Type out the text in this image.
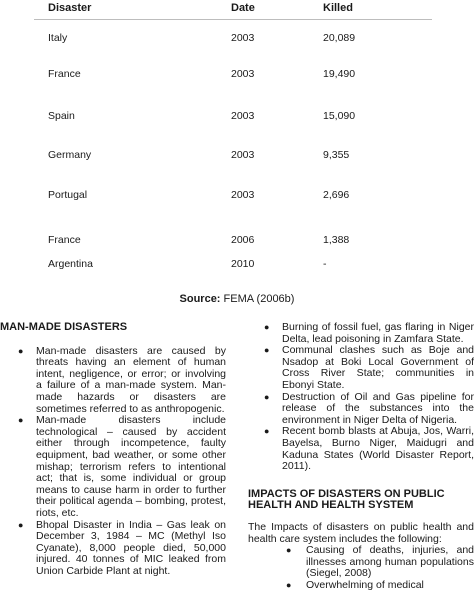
Disaster	Date	Killed
Italy	2003	20,089
France	2003	19,490
Spain	2003	15,090
Germany	2003	9,355
Portugal	2003	2,696
France	2006	1,388
Argentina	2010	-
Source: FEMA (2006b)
MAN-MADE DISASTERS
● Man-made disasters are caused by threats having an element of human intent, negligence, or error; or involving a failure of a man-made system. Man-made hazards or disasters are sometimes referred to as anthropogenic.
● Man-made disasters include technological – caused by accident either through incompetence, faulty equipment, bad weather, or some other mishap; terrorism refers to intentional act; that is, some individual or group means to cause harm in order to further their political agenda – bombing, protest, riots, etc.
● Bhopal Disaster in India – Gas leak on December 3, 1984 – MC (Methyl Iso Cyanate), 8,000 people died, 50,000 injured. 40 tonnes of MIC leaked from Union Carbide Plant at night.
● Burning of fossil fuel, gas flaring in Niger Delta, lead poisoning in Zamfara State.
● Communal clashes such as Boje and Nsadop at Boki Local Government of Cross River State; communities in Ebonyi State.
● Destruction of Oil and Gas pipeline for release of the substances into the environment in Niger Delta of Nigeria.
● Recent bomb blasts at Abuja, Jos, Warri, Bayelsa, Burno Niger, Maidugri and Kaduna States (World Disaster Report, 2011).
IMPACTS OF DISASTERS ON PUBLIC HEALTH AND HEALTH SYSTEM

The Impacts of disasters on public health and health care system includes the following:

● Causing of deaths, injuries, and illnesses among human populations (Siegel, 2008)
● Overwhelming of medical
